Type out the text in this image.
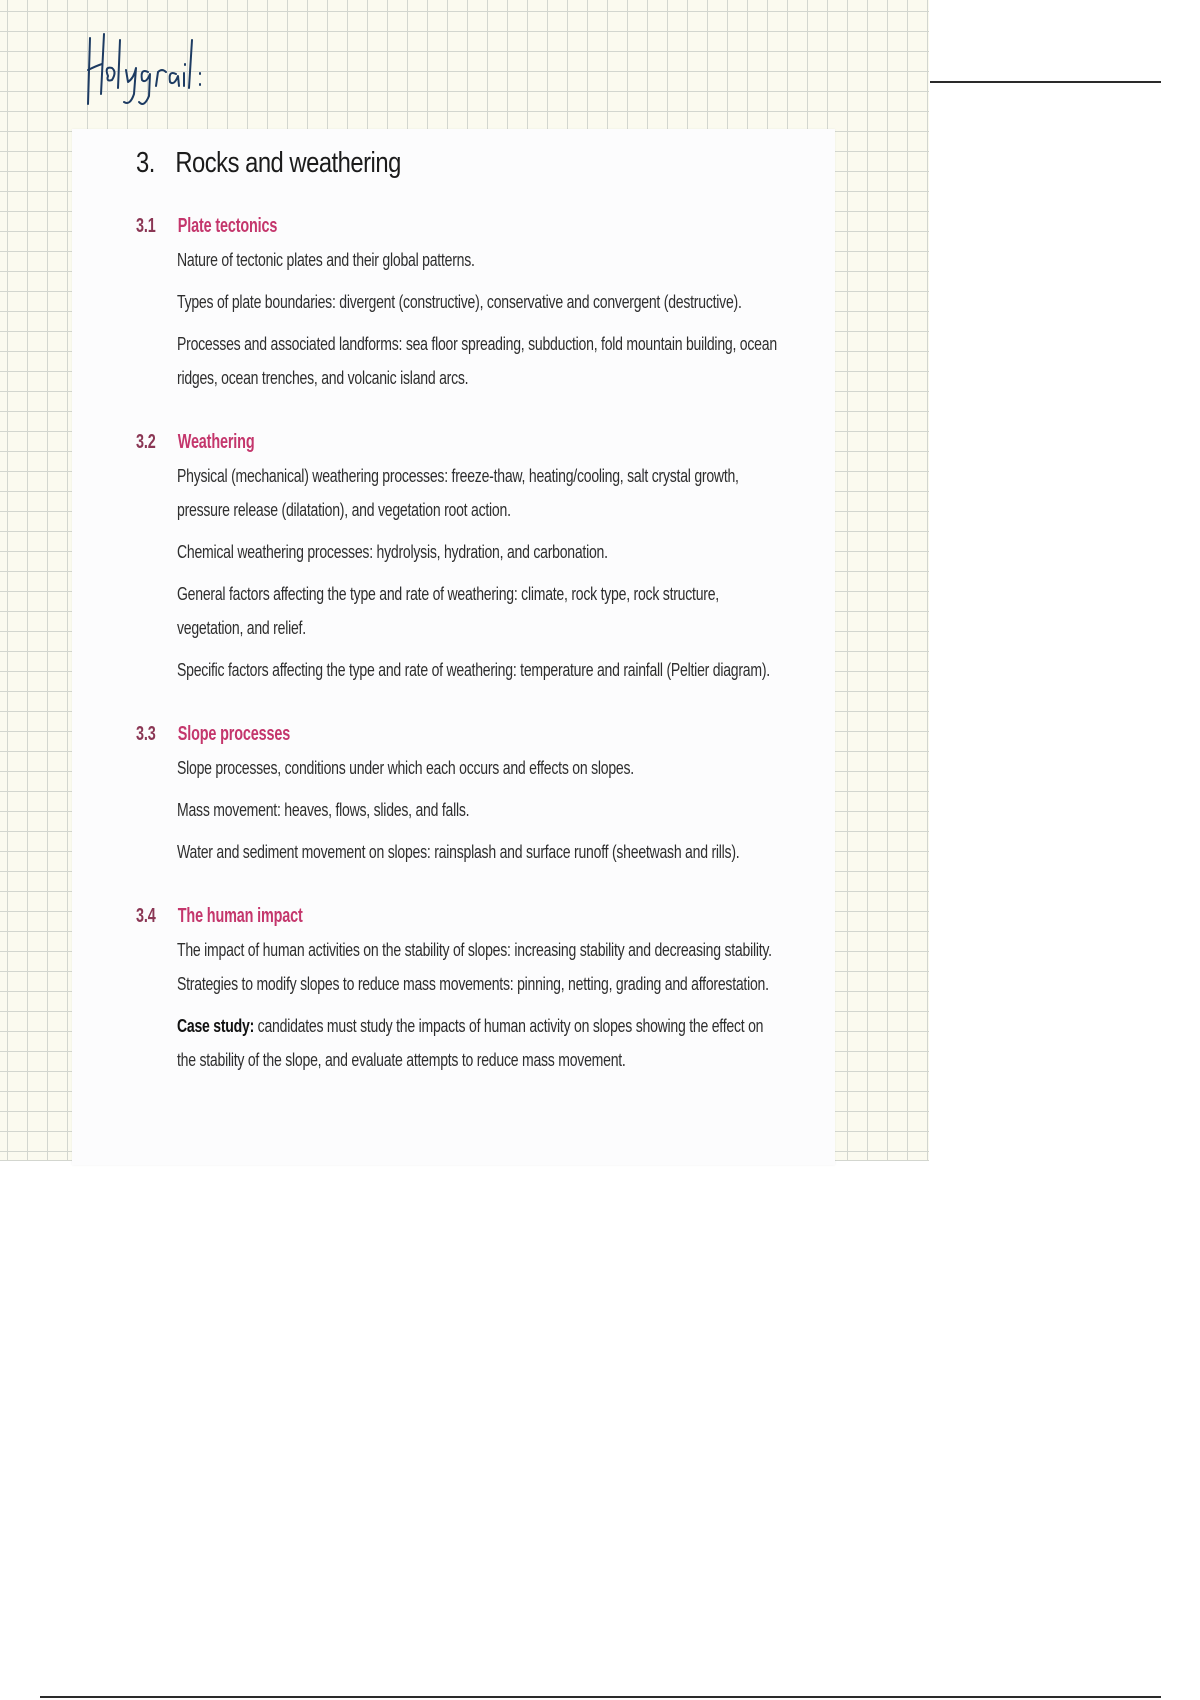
3. Rocks and weathering
3.1 Plate tectonics
Nature of tectonic plates and their global patterns.
Types of plate boundaries: divergent (constructive), conservative and convergent (destructive).
Processes and associated landforms: sea floor spreading, subduction, fold mountain building, ocean
ridges, ocean trenches, and volcanic island arcs.
3.2 Weathering
Physical (mechanical) weathering processes: freeze-thaw, heating/cooling, salt crystal growth,
pressure release (dilatation), and vegetation root action.
Chemical weathering processes: hydrolysis, hydration, and carbonation.
General factors affecting the type and rate of weathering: climate, rock type, rock structure,
vegetation, and relief.
Specific factors affecting the type and rate of weathering: temperature and rainfall (Peltier diagram).
3.3 Slope processes
Slope processes, conditions under which each occurs and effects on slopes.
Mass movement: heaves, flows, slides, and falls.
Water and sediment movement on slopes: rainsplash and surface runoff (sheetwash and rills).
3.4 The human impact
The impact of human activities on the stability of slopes: increasing stability and decreasing stability.
Strategies to modify slopes to reduce mass movements: pinning, netting, grading and afforestation.
Case study: candidates must study the impacts of human activity on slopes showing the effect on
the stability of the slope, and evaluate attempts to reduce mass movement.
